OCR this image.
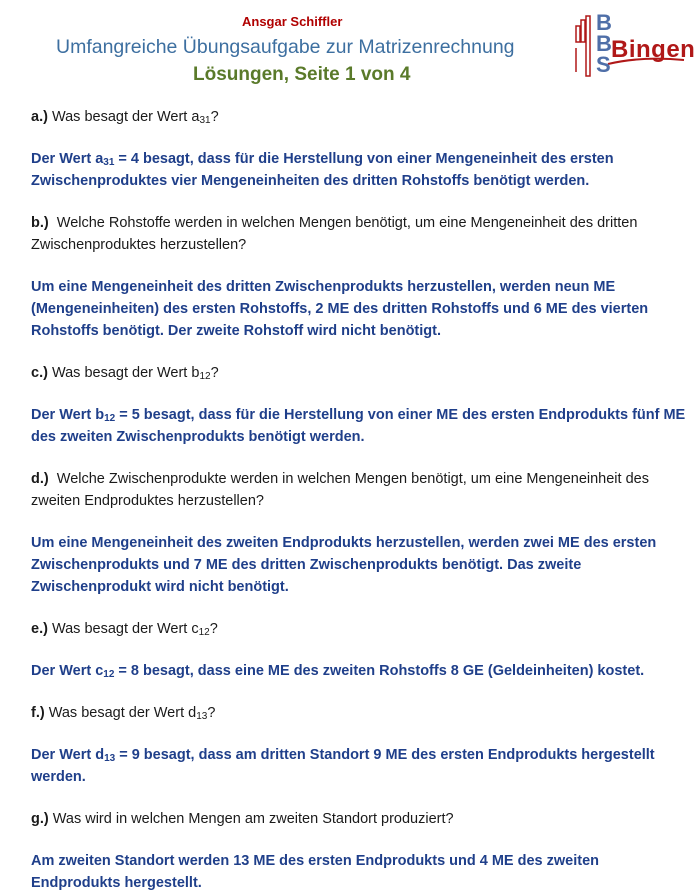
Ansgar Schiffler
Umfangreiche Übungsaufgabe zur Matrizenrechnung
Lösungen, Seite 1 von 4
B
B
S
Bingen

a.) Was besagt der Wert $a_{31}$?

Der Wert $a_{31} = 4$ besagt, dass für die Herstellung von einer Mengeneinheit des ersten Zwischenproduktes vier Mengeneinheiten des dritten Rohstoffs benötigt werden.

b.) Welche Rohstoffe werden in welchen Mengen benötigt, um eine Mengeneinheit des dritten Zwischenproduktes herzustellen?

Um eine Mengeneinheit des dritten Zwischenprodukts herzustellen, werden neun ME (Mengeneinheiten) des ersten Rohstoffs, 2 ME des dritten Rohstoffs und 6 ME des vierten Rohstoffs benötigt. Der zweite Rohstoff wird nicht benötigt.

c.) Was besagt der Wert $b_{12}$?

Der Wert $b_{12} = 5$ besagt, dass für die Herstellung von einer ME des ersten Endprodukts fünf ME des zweiten Zwischenprodukts benötigt werden.

d.) Welche Zwischenprodukte werden in welchen Mengen benötigt, um eine Mengeneinheit des zweiten Endproduktes herzustellen?

Um eine Mengeneinheit des zweiten Endprodukts herzustellen, werden zwei ME des ersten Zwischenprodukts und 7 ME des dritten Zwischenprodukts benötigt. Das zweite Zwischenprodukt wird nicht benötigt.

e.) Was besagt der Wert $c_{12}$?

Der Wert $c_{12} = 8$ besagt, dass eine ME des zweiten Rohstoffs 8 GE (Geldeinheiten) kostet.

f.) Was besagt der Wert $d_{13}$?

Der Wert $d_{13} = 9$ besagt, dass am dritten Standort 9 ME des ersten Endprodukts hergestellt werden.

g.) Was wird in welchen Mengen am zweiten Standort produziert?

Am zweiten Standort werden 13 ME des ersten Endprodukts und 4 ME des zweiten Endprodukts hergestellt.
